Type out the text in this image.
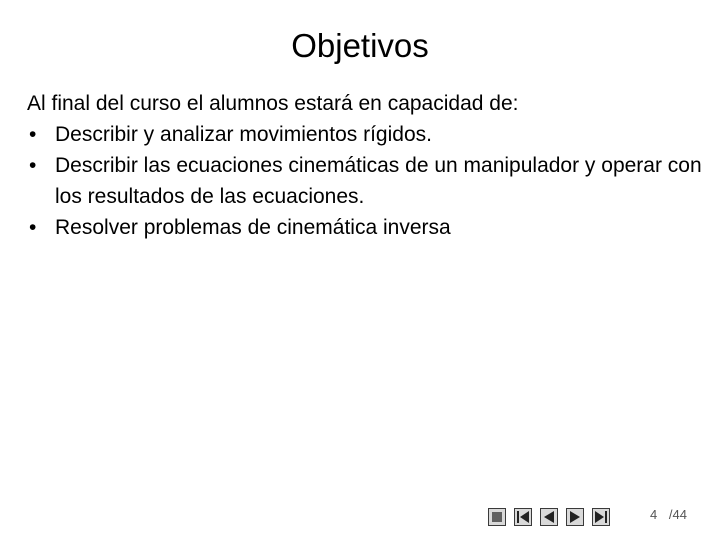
Objetivos
Al final del curso el alumnos estará en capacidad de:
• Describir y analizar movimientos rígidos.
• Describir las ecuaciones cinemáticas de un manipulador y operar con los resultados de las ecuaciones.
• Resolver problemas de cinemática inversa
4 /44
